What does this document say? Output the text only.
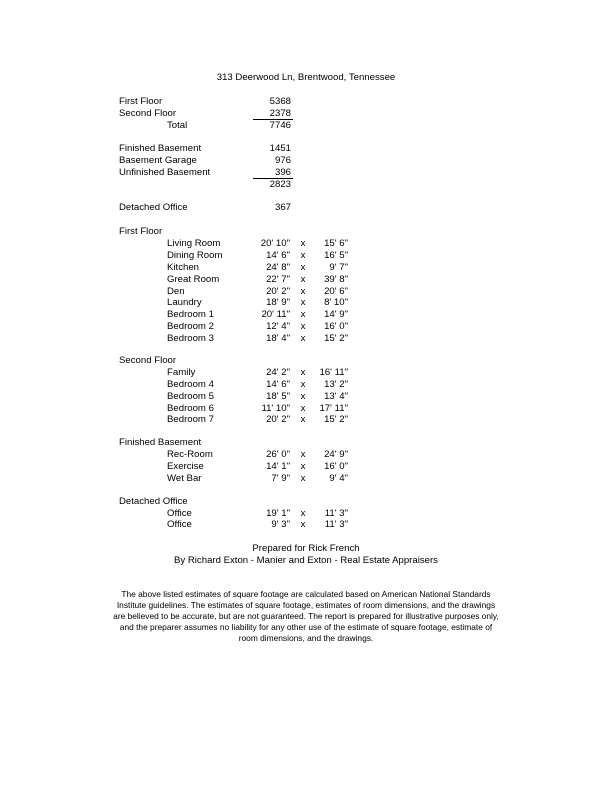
313 Deerwood Ln, Brentwood, Tennessee
First Floor	5368
Second Floor	2378
Total	7746
Finished Basement	1451
Basement Garage	976
Unfinished Basement	396
2823
Detached Office	367
First Floor
Living Room	20' 10" x	15' 6"
Dining Room	14' 6" x	16' 5"
Kitchen	24' 8" x	9' 7"
Great Room	22' 7" x	39' 8"
Den	20' 2" x	20' 6"
Laundry	18' 9" x	8' 10"
Bedroom 1	20' 11" x	14' 9"
Bedroom 2	12' 4" x	16' 0"
Bedroom 3	18' 4" x	15' 2"
Second Floor
Family	24' 2" x	16' 11"
Bedroom 4	14' 6" x	13' 2"
Bedroom 5	18' 5" x	13' 4"
Bedroom 6	11' 10" x	17' 11"
Bedroom 7	20' 2" x	15' 2"
Finished Basement
Rec-Room	26' 0" x	24' 9"
Exercise	14' 1" x	16' 0"
Wet Bar	7' 9" x	9' 4"
Detached Office
Office	19' 1" x	11' 3"
Office	9' 3" x	11' 3"
Prepared for Rick French
By Richard Exton - Manier and Exton - Real Estate Appraisers
The above listed estimates of square footage are calculated based on American National Standards Institute guidelines. The estimates of square footage, estimates of room dimensions, and the drawings are believed to be accurate, but are not guaranteed. The report is prepared for illustrative purposes only, and the preparer assumes no liability for any other use of the estimate of square footage, estimate of room dimensions, and the drawings.
